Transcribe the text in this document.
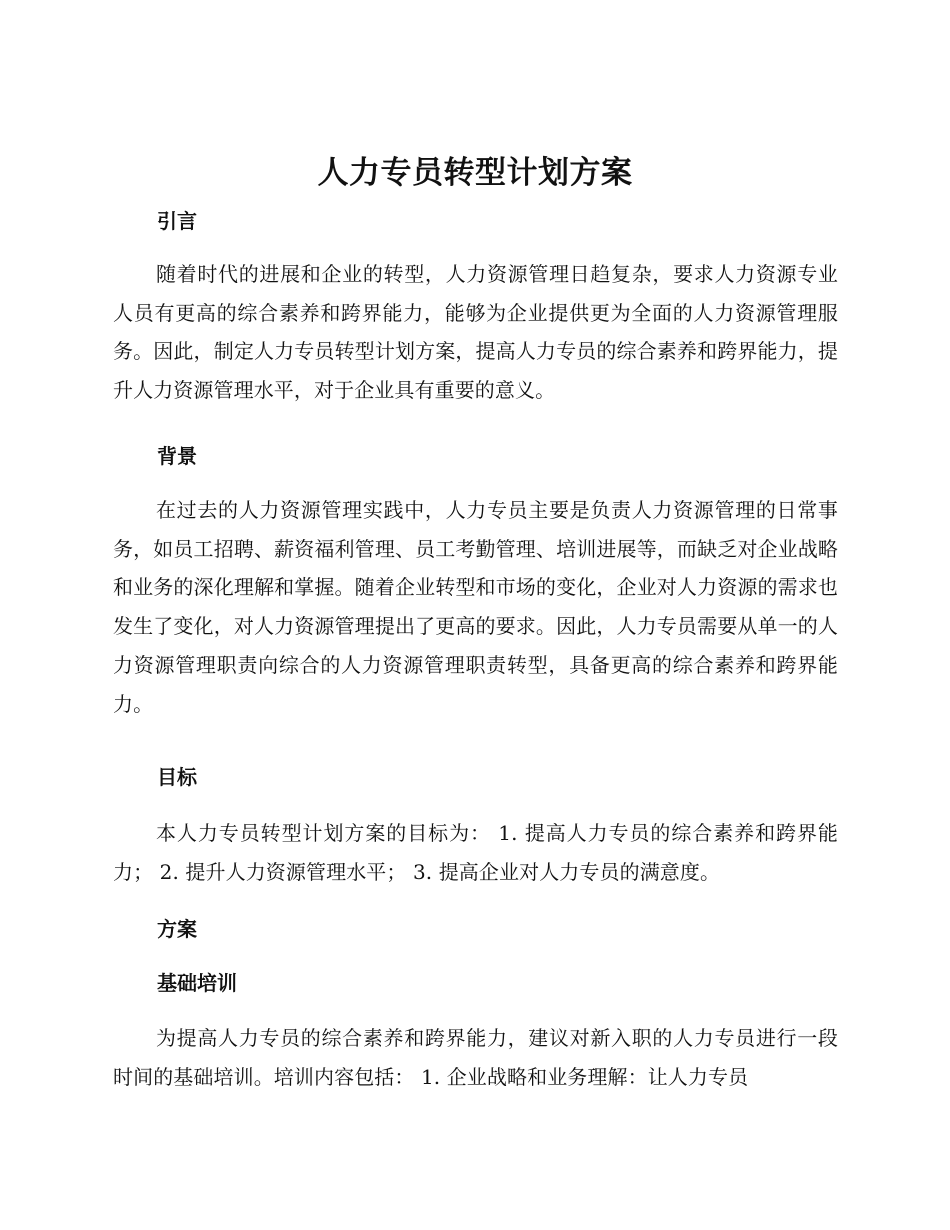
人力专员转型计划方案
引言

随着时代的进展和企业的转型，人力资源管理日趋复杂，要求人力资源专业人员有更高的综合素养和跨界能力，能够为企业提供更为全面的人力资源管理服务。因此，制定人力专员转型计划方案，提高人力专员的综合素养和跨界能力，提升人力资源管理水平，对于企业具有重要的意义。

背景

在过去的人力资源管理实践中，人力专员主要是负责人力资源管理的日常事务，如员工招聘、薪资福利管理、员工考勤管理、培训进展等，而缺乏对企业战略和业务的深化理解和掌握。随着企业转型和市场的变化，企业对人力资源的需求也发生了变化，对人力资源管理提出了更高的要求。因此，人力专员需要从单一的人力资源管理职责向综合的人力资源管理职责转型，具备更高的综合素养和跨界能力。

目标

本人力专员转型计划方案的目标为： 1. 提高人力专员的综合素养和跨界能力； 2. 提升人力资源管理水平； 3. 提高企业对人力专员的满意度。

方案
基础培训

为提高人力专员的综合素养和跨界能力，建议对新入职的人力专员进行一段时间的基础培训。培训内容包括： 1. 企业战略和业务理解：让人力专员
